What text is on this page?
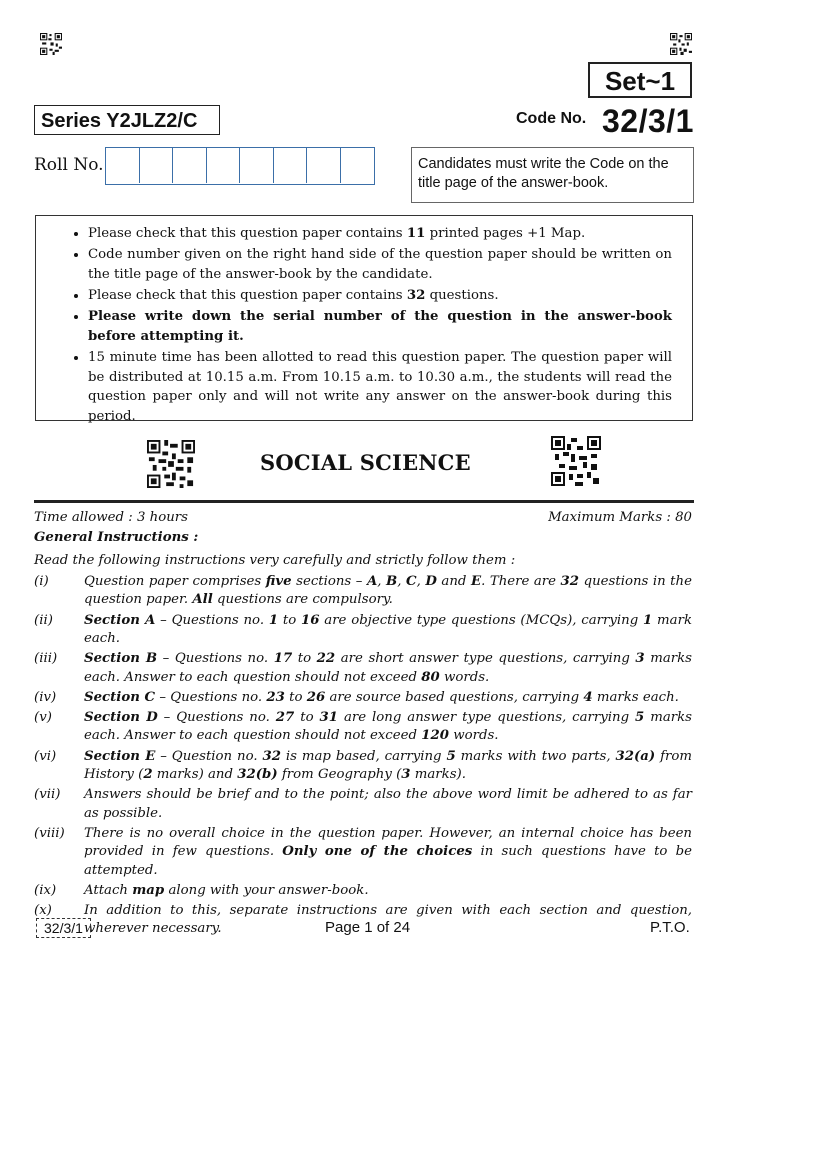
Set~1
Series Y2JLZ2/C	Code No. 32/3/1
Roll No.	Candidates must write the Code on the title page of the answer-book.
• Please check that this question paper contains 11 printed pages +1 Map.
• Code number given on the right hand side of the question paper should be written on the title page of the answer-book by the candidate.
• Please check that this question paper contains 32 questions.
• Please write down the serial number of the question in the answer-book before attempting it.
• 15 minute time has been allotted to read this question paper. The question paper will be distributed at 10.15 a.m. From 10.15 a.m. to 10.30 a.m., the students will read the question paper only and will not write any answer on the answer-book during this period.
SOCIAL SCIENCE
Time allowed : 3 hours	Maximum Marks : 80
General Instructions :
Read the following instructions very carefully and strictly follow them :
(i)	Question paper comprises five sections – A, B, C, D and E. There are 32 questions in the question paper. All questions are compulsory.
(ii)	Section A – Questions no. 1 to 16 are objective type questions (MCQs), carrying 1 mark each.
(iii)	Section B – Questions no. 17 to 22 are short answer type questions, carrying 3 marks each. Answer to each question should not exceed 80 words.
(iv)	Section C – Questions no. 23 to 26 are source based questions, carrying 4 marks each.
(v)	Section D – Questions no. 27 to 31 are long answer type questions, carrying 5 marks each. Answer to each question should not exceed 120 words.
(vi)	Section E – Question no. 32 is map based, carrying 5 marks with two parts, 32(a) from History (2 marks) and 32(b) from Geography (3 marks).
(vii)	Answers should be brief and to the point; also the above word limit be adhered to as far as possible.
(viii)	There is no overall choice in the question paper. However, an internal choice has been provided in few questions. Only one of the choices in such questions have to be attempted.
(ix)	Attach map along with your answer-book.
(x)	In addition to this, separate instructions are given with each section and question, wherever necessary.
32/3/1	Page 1 of 24	P.T.O.
